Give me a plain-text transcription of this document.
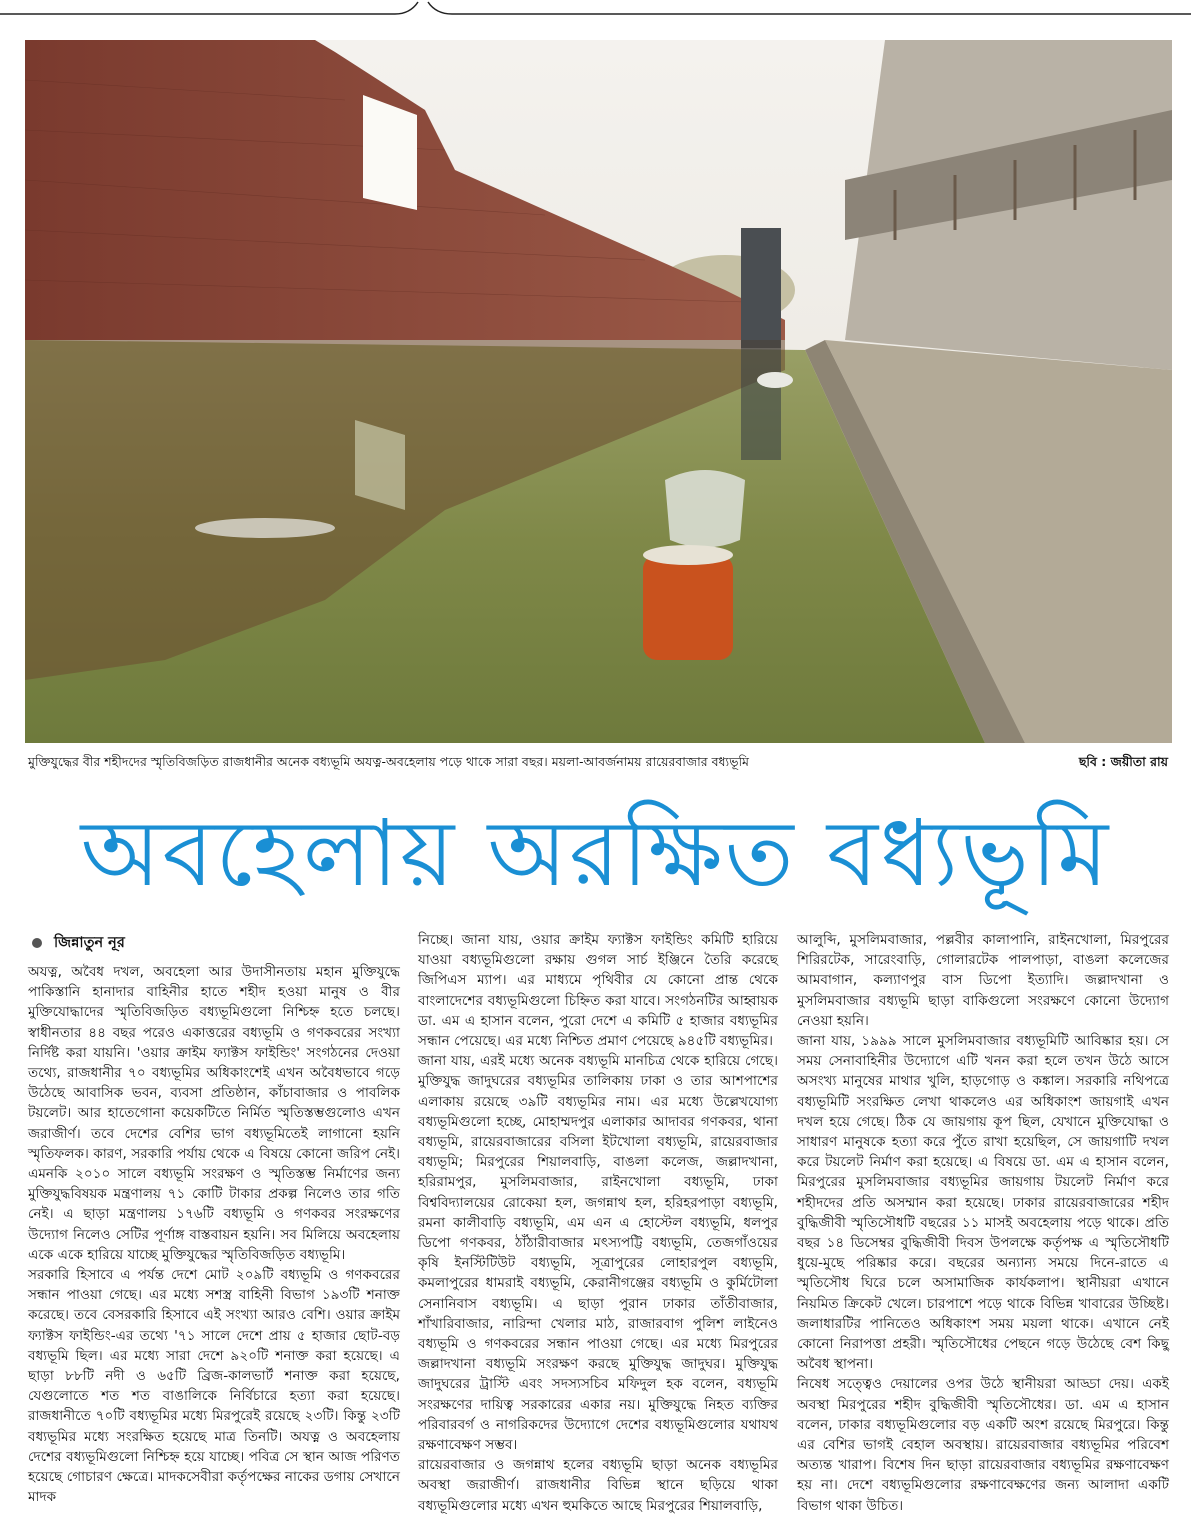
মুক্তিযুদ্ধের বীর শহীদদের স্মৃতিবিজড়িত রাজধানীর অনেক বধ্যভূমি অযত্ন-অবহেলায় পড়ে থাকে সারা বছর। ময়লা-আবর্জনাময় রায়েরবাজার বধ্যভূমি	ছবি : জয়ীতা রায়
অবহেলায় অরক্ষিত বধ্যভূমি
জিন্নাতুন নূর

অযত্ন, অবৈধ দখল, অবহেলা আর উদাসীনতায় মহান মুক্তিযুদ্ধে পাকিস্তানি হানাদার বাহিনীর হাতে শহীদ হওয়া মানুষ ও বীর মুক্তিযোদ্ধাদের স্মৃতিবিজড়িত বধ্যভূমিগুলো নিশ্চিহ্ন হতে চলছে। স্বাধীনতার ৪৪ বছর পরেও একাত্তরের বধ্যভূমি ও গণকবরের সংখ্যা নির্দিষ্ট করা যায়নি। 'ওয়ার ক্রাইম ফ্যাক্টস ফাইন্ডিং' সংগঠনের দেওয়া তথ্যে, রাজধানীর ৭০ বধ্যভূমির অধিকাংশেই এখন অবৈধভাবে গড়ে উঠেছে আবাসিক ভবন, ব্যবসা প্রতিষ্ঠান, কাঁচাবাজার ও পাবলিক টয়লেট। আর হাতেগোনা কয়েকটিতে নির্মিত স্মৃতিস্তম্ভগুলোও এখন জরাজীর্ণ। তবে দেশের বেশির ভাগ বধ্যভূমিতেই লাগানো হয়নি স্মৃতিফলক। কারণ, সরকারি পর্যায় থেকে এ বিষয়ে কোনো জরিপ নেই। এমনকি ২০১০ সালে বধ্যভূমি সংরক্ষণ ও স্মৃতিস্তম্ভ নির্মাণের জন্য মুক্তিযুদ্ধবিষয়ক মন্ত্রণালয় ৭১ কোটি টাকার প্রকল্প নিলেও তার গতি নেই। এ ছাড়া মন্ত্রণালয় ১৭৬টি বধ্যভূমি ও গণকবর সংরক্ষণের উদ্যোগ নিলেও সেটির পূর্ণাঙ্গ বাস্তবায়ন হয়নি। সব মিলিয়ে অবহেলায় একে একে হারিয়ে যাচ্ছে মুক্তিযুদ্ধের স্মৃতিবিজড়িত বধ্যভূমি।

সরকারি হিসাবে এ পর্যন্ত দেশে মোট ২০৯টি বধ্যভূমি ও গণকবরের সন্ধান পাওয়া গেছে। এর মধ্যে সশস্ত্র বাহিনী বিভাগ ১৯৩টি শনাক্ত করেছে। তবে বেসরকারি হিসাবে এই সংখ্যা আরও বেশি। ওয়ার ক্রাইম ফ্যাক্টস ফাইন্ডিং-এর তথ্যে '৭১ সালে দেশে প্রায় ৫ হাজার ছোট-বড় বধ্যভূমি ছিল। এর মধ্যে সারা দেশে ৯২০টি শনাক্ত করা হয়েছে। এ ছাড়া ৮৮টি নদী ও ৬৫টি ব্রিজ-কালভার্ট শনাক্ত করা হয়েছে, যেগুলোতে শত শত বাঙালিকে নির্বিচারে হত্যা করা হয়েছে। রাজধানীতে ৭০টি বধ্যভূমির মধ্যে মিরপুরেই রয়েছে ২৩টি। কিন্তু ২৩টি বধ্যভূমির মধ্যে সংরক্ষিত হয়েছে মাত্র তিনটি। অযত্ন ও অবহেলায় দেশের বধ্যভূমিগুলো নিশ্চিহ্ন হয়ে যাচ্ছে। পবিত্র সে স্থান আজ পরিণত হয়েছে গোচারণ ক্ষেত্রে। মাদকসেবীরা কর্তৃপক্ষের নাকের ডগায় সেখানে মাদক

নিচ্ছে। জানা যায়, ওয়ার ক্রাইম ফ্যাক্টস ফাইন্ডিং কমিটি হারিয়ে যাওয়া বধ্যভূমিগুলো রক্ষায় গুগল সার্চ ইঞ্জিনে তৈরি করেছে জিপিএস ম্যাপ। এর মাধ্যমে পৃথিবীর যে কোনো প্রান্ত থেকে বাংলাদেশের বধ্যভূমিগুলো চিহ্নিত করা যাবে। সংগঠনটির আহ্বায়ক ডা. এম এ হাসান বলেন, পুরো দেশে এ কমিটি ৫ হাজার বধ্যভূমির সন্ধান পেয়েছে। এর মধ্যে নিশ্চিত প্রমাণ পেয়েছে ৯৪৫টি বধ্যভূমির।

জানা যায়, এরই মধ্যে অনেক বধ্যভূমি মানচিত্র থেকে হারিয়ে গেছে। মুক্তিযুদ্ধ জাদুঘরের বধ্যভূমির তালিকায় ঢাকা ও তার আশপাশের এলাকায় রয়েছে ৩৯টি বধ্যভূমির নাম। এর মধ্যে উল্লেখযোগ্য বধ্যভূমিগুলো হচ্ছে, মোহাম্মদপুর এলাকার আদাবর গণকবর, থানা বধ্যভূমি, রায়েরবাজারের বসিলা ইটখোলা বধ্যভূমি, রায়েরবাজার বধ্যভূমি; মিরপুরের শিয়ালবাড়ি, বাঙলা কলেজ, জল্লাদখানা, হরিরামপুর, মুসলিমবাজার, রাইনখোলা বধ্যভূমি, ঢাকা বিশ্ববিদ্যালয়ের রোকেয়া হল, জগন্নাথ হল, হরিহরপাড়া বধ্যভূমি, রমনা কালীবাড়ি বধ্যভূমি, এম এন এ হোস্টেল বধ্যভূমি, ধলপুর ডিপো গণকবর, ঠাঁঠারীবাজার মৎস্যপট্টি বধ্যভূমি, তেজগাঁওয়ের কৃষি ইনস্টিটিউট বধ্যভূমি, সূত্রাপুরের লোহারপুল বধ্যভূমি, কমলাপুরের ধামরাই বধ্যভূমি, কেরানীগঞ্জের বধ্যভূমি ও কুর্মিটোলা সেনানিবাস বধ্যভূমি। এ ছাড়া পুরান ঢাকার তাঁতীবাজার, শাঁখারিবাজার, নারিন্দা খেলার মাঠ, রাজারবাগ পুলিশ লাইনেও বধ্যভূমি ও গণকবরের সন্ধান পাওয়া গেছে। এর মধ্যে মিরপুরের জল্লাদখানা বধ্যভূমি সংরক্ষণ করছে মুক্তিযুদ্ধ জাদুঘর। মুক্তিযুদ্ধ জাদুঘরের ট্রাস্টি এবং সদস্যসচিব মফিদুল হক বলেন, বধ্যভূমি সংরক্ষণের দায়িত্ব সরকারের একার নয়। মুক্তিযুদ্ধে নিহত ব্যক্তির পরিবারবর্গ ও নাগরিকদের উদ্যোগে দেশের বধ্যভূমিগুলোর যথাযথ রক্ষণাবেক্ষণ সম্ভব।

রায়েরবাজার ও জগন্নাথ হলের বধ্যভূমি ছাড়া অনেক বধ্যভূমির অবস্থা জরাজীর্ণ। রাজধানীর বিভিন্ন স্থানে ছড়িয়ে থাকা বধ্যভূমিগুলোর মধ্যে এখন হুমকিতে আছে মিরপুরের শিয়ালবাড়ি,

আলুব্দি, মুসলিমবাজার, পল্লবীর কালাপানি, রাইনখোলা, মিরপুরের শিরিরটেক, সারেংবাড়ি, গোলারটেক পালপাড়া, বাঙলা কলেজের আমবাগান, কল্যাণপুর বাস ডিপো ইত্যাদি। জল্লাদখানা ও মুসলিমবাজার বধ্যভূমি ছাড়া বাকিগুলো সংরক্ষণে কোনো উদ্যোগ নেওয়া হয়নি।

জানা যায়, ১৯৯৯ সালে মুসলিমবাজার বধ্যভূমিটি আবিষ্কার হয়। সে সময় সেনাবাহিনীর উদ্যোগে এটি খনন করা হলে তখন উঠে আসে অসংখ্য মানুষের মাথার খুলি, হাড়গোড় ও কঙ্কাল। সরকারি নথিপত্রে বধ্যভূমিটি সংরক্ষিত লেখা থাকলেও এর অধিকাংশ জায়গাই এখন দখল হয়ে গেছে। ঠিক যে জায়গায় কূপ ছিল, যেখানে মুক্তিযোদ্ধা ও সাধারণ মানুষকে হত্যা করে পুঁতে রাখা হয়েছিল, সে জায়গাটি দখল করে টয়লেট নির্মাণ করা হয়েছে। এ বিষয়ে ডা. এম এ হাসান বলেন, মিরপুরের মুসলিমবাজার বধ্যভূমির জায়গায় টয়লেট নির্মাণ করে শহীদদের প্রতি অসম্মান করা হয়েছে। ঢাকার রায়েরবাজারের শহীদ বুদ্ধিজীবী স্মৃতিসৌধটি বছরের ১১ মাসই অবহেলায় পড়ে থাকে। প্রতি বছর ১৪ ডিসেম্বর বুদ্ধিজীবী দিবস উপলক্ষে কর্তৃপক্ষ এ স্মৃতিসৌধটি ধুয়ে-মুছে পরিষ্কার করে। বছরের অন্যান্য সময়ে দিনে-রাতে এ স্মৃতিসৌধ ঘিরে চলে অসামাজিক কার্যকলাপ। স্থানীয়রা এখানে নিয়মিত ক্রিকেট খেলে। চারপাশে পড়ে থাকে বিভিন্ন খাবারের উচ্ছিষ্ট। জলাধারটির পানিতেও অধিকাংশ সময় ময়লা থাকে। এখানে নেই কোনো নিরাপত্তা প্রহরী। স্মৃতিসৌধের পেছনে গড়ে উঠেছে বেশ কিছু অবৈধ স্থাপনা।

নিষেধ সত্ত্বেও দেয়ালের ওপর উঠে স্থানীয়রা আড্ডা দেয়। একই অবস্থা মিরপুরের শহীদ বুদ্ধিজীবী স্মৃতিসৌধের। ডা. এম এ হাসান বলেন, ঢাকার বধ্যভূমিগুলোর বড় একটি অংশ রয়েছে মিরপুরে। কিন্তু এর বেশির ভাগই বেহাল অবস্থায়। রায়েরবাজার বধ্যভূমির পরিবেশ অত্যন্ত খারাপ। বিশেষ দিন ছাড়া রায়েরবাজার বধ্যভূমির রক্ষণাবেক্ষণ হয় না। দেশে বধ্যভূমিগুলোর রক্ষণাবেক্ষণের জন্য আলাদা একটি বিভাগ থাকা উচিত।
